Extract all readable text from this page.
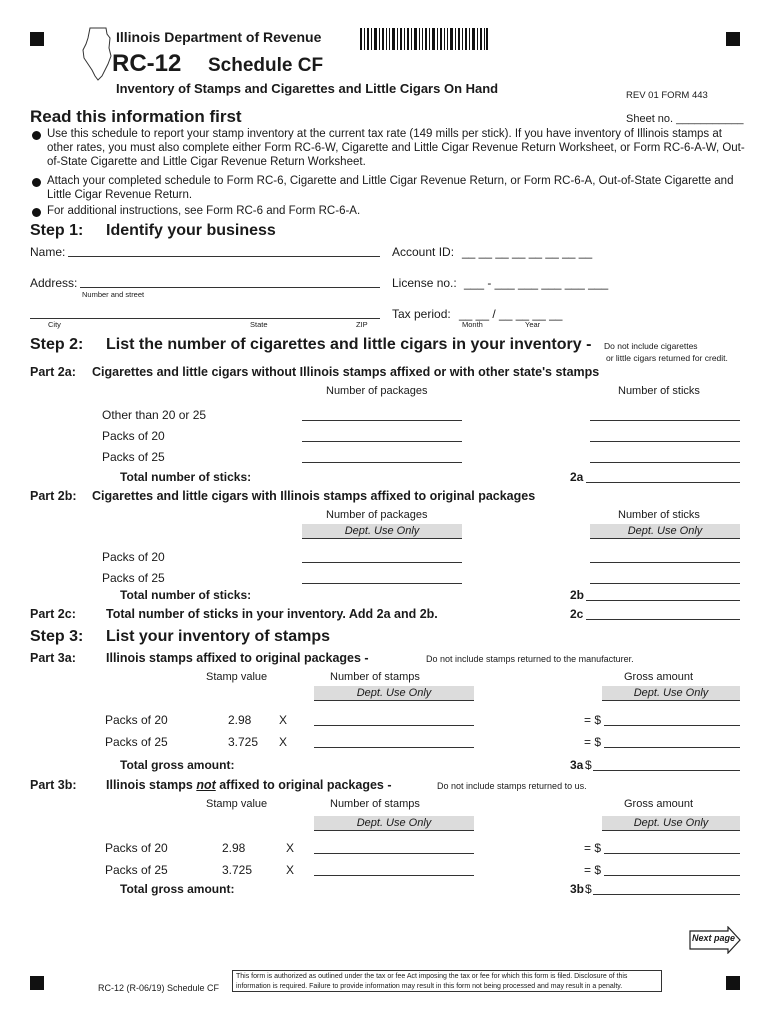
Illinois Department of Revenue
RC-12 Schedule CF
Inventory of Stamps and Cigarettes and Little Cigars On Hand	REV 01 FORM 443
Read this information first	Sheet no. ___________
Use this schedule to report your stamp inventory at the current tax rate (149 mills per stick). If you have inventory of Illinois stamps at other rates, you must also complete either Form RC-6-W, Cigarette and Little Cigar Revenue Return Worksheet, or Form RC-6-A-W, Out-of-State Cigarette and Little Cigar Revenue Return Worksheet.
Attach your completed schedule to Form RC-6, Cigarette and Little Cigar Revenue Return, or Form RC-6-A, Out-of-State Cigarette and Little Cigar Revenue Return.
For additional instructions, see Form RC-6 and Form RC-6-A.
Step 1: Identify your business
Name:	Account ID: __ __ __ __ __ __ __ __
Address:
Number and street
License no.: ___ - ___ ___ ___ ___ ___
City	State	ZIP
Tax period: __ __ / __ __ __ __
Month	Year
Step 2: List the number of cigarettes and little cigars in your inventory - Do not include cigarettes
or little cigars returned for credit.
Part 2a: Cigarettes and little cigars without Illinois stamps affixed or with other state's stamps
Number of packages	Number of sticks
Other than 20 or 25
Packs of 20
Packs of 25
Total number of sticks:	2a
Part 2b: Cigarettes and little cigars with Illinois stamps affixed to original packages
Number of packages	Number of sticks
Dept. Use Only	Dept. Use Only
Packs of 20
Packs of 25
Total number of sticks:	2b
Part 2c: Total number of sticks in your inventory. Add 2a and 2b.	2c
Step 3: List your inventory of stamps
Part 3a: Illinois stamps affixed to original packages -	Do not include stamps returned to the manufacturer.
Stamp value	Number of stamps	Gross amount
Dept. Use Only	Dept. Use Only
Packs of 20	2.98 X	= $
Packs of 25	3.725 X	= $
Total gross amount:	3a $
Part 3b: Illinois stamps not affixed to original packages -	Do not include stamps returned to us.
Stamp value	Number of stamps	Gross amount
Dept. Use Only	Dept. Use Only
Packs of 20	2.98	X	= $
Packs of 25	3.725	X	= $
Total gross amount:	3b $
Next page
RC-12 (R-06/19) Schedule CF
This form is authorized as outlined under the tax or fee Act imposing the tax or fee for which this form is filed. Disclosure of this information is required. Failure to provide information may result in this form not being processed and may result in a penalty.
